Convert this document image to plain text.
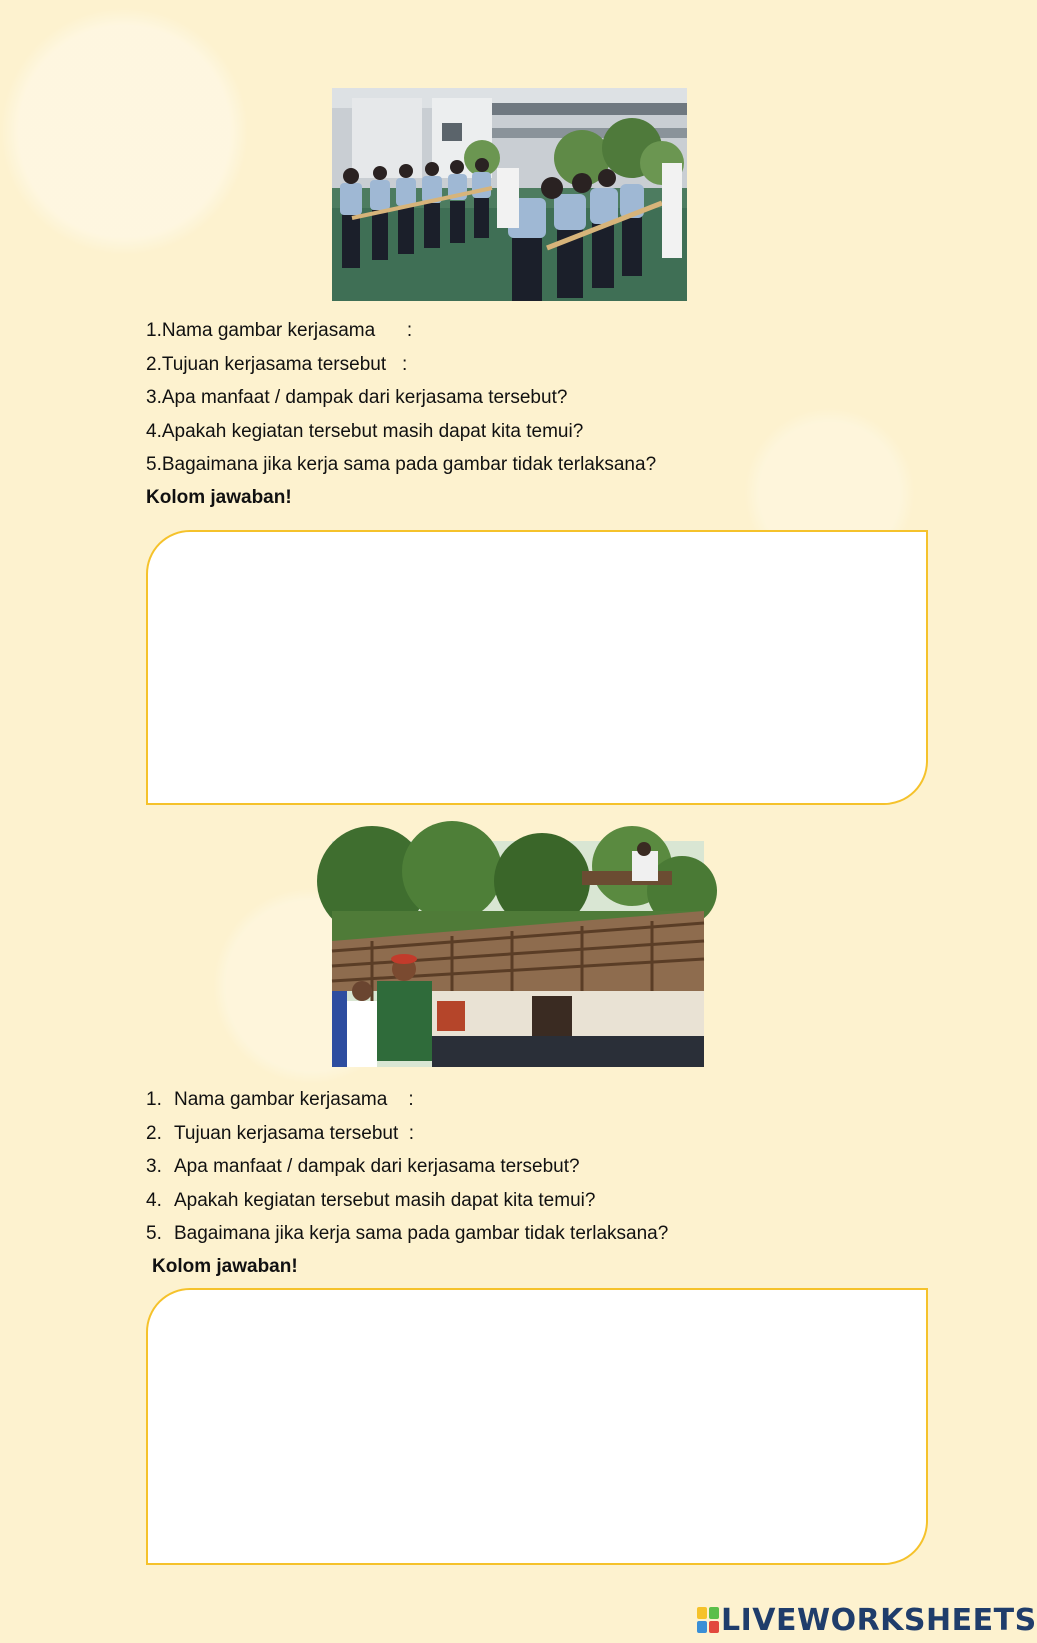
1.Nama gambar kerjasama      :
2.Tujuan kerjasama tersebut   :
3.Apa manfaat / dampak dari kerjasama tersebut?
4.Apakah kegiatan tersebut masih dapat kita temui?
5.Bagaimana jika kerja sama pada gambar tidak terlaksana?
Kolom jawaban!
1. Nama gambar kerjasama    :
2. Tujuan kerjasama tersebut  :
3. Apa manfaat / dampak dari kerjasama tersebut?
4. Apakah kegiatan tersebut masih dapat kita temui?
5. Bagaimana jika kerja sama pada gambar tidak terlaksana?
Kolom jawaban!
LIVEWORKSHEETS
